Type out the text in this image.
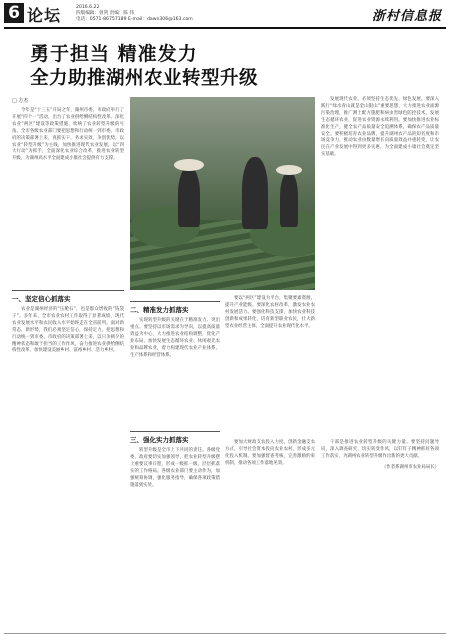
6 论坛	2016.6.22
四版编辑：曾剑 责编：陈 伟
电话：0571-86757189 E-mail：dawn306@163.com	浙村信息报
勇于担当 精准发力
全力助推湖州农业转型升级
□ 方杰
今年是“十三五”开局之年，湖州市委、市政府举行了开展“四个一”活动，出台了农业供给侧结构性改革、深化农业“两区”建设等政策措施，吹响了农业转型升级的号角。全市各级农业部门要把思想和行动统一到市委、市政府的决策部署上来，真抓实干，务求实效，争创优势，以农业“转型升级”为主线，加快推进现代农业发展，以“四大行动”为抓手，全面深化农业综合改革，推进农业转型升级，为湖州高水平全面建成小康社会提供有力支撑。
一、坚定信心抓落实
农业是湖州经济的“压舱石”，也是群众增收的“钱袋子”。多年来，全市农业农村工作取得了显著成绩，现代农业发展水平和农民收入水平始终走在全省前列。面对新常态、新形势，我们必须坚定信心，保持定力，把思想和行动统一到市委、市政府的决策部署上来，以只争朝夕的精神状态和敢于担当的工作作风，奋力推进农业供给侧结构性改革，加快建设美丽乡村、富裕乡村、活力乡村。
发展现代农业，必须坚持生态优先、绿色发展。要深入践行“绿水青山就是金山银山”重要思想，大力推进农业面源污染治理，推广测土配方施肥和病虫害绿色防控技术，发展生态循环农业，促进农业资源永续利用。要加快推进农业标准化生产，健全农产品质量安全追溯体系，确保农产品质量安全。要积极培育农业品牌，提升湖州农产品的知名度和市场竞争力，推动农业由数量增长向质量效益并重转变，让农民在产业发展中得到更多实惠，为全面建成小康社会奠定坚实基础。
二、精准发力抓落实
实现转型升级的关键在于精准发力、突出重点。要坚持以市场需求为导向，以提高质量效益为中心，大力推进农业结构调整，优化产业布局，加快发展生态循环农业、休闲观光农业和品牌农业，着力构建现代农业产业体系、生产体系和经营体系。
要以“两区”建设为平台，集聚要素资源，提升产业能级。要深化农村改革，激发农业农村发展活力。要强化科技支撑，加快农业科技创新和成果转化，培育新型职业农民，壮大新型农业经营主体，全面提升农业现代化水平。
三、强化实力抓落实
转型升级是全市上下共同的责任。各级党委、政府要切实加强领导，把农业转型升级摆上重要议事日程，形成一级抓一级、层层抓落实的工作格局。各级农业部门要主动作为，加强统筹协调，强化服务指导，确保各项政策措施落到实处。
要加大财政支农投入力度，创新金融支农方式，引导社会资本投向农业农村，形成多元化投入机制。要加强督查考核，完善激励约束机制，推动各项工作落地见效。
干部是推进农业转型升级的关键力量。要坚持问题导向，深入调查研究，切实转变作风，以钉钉子精神抓好各项工作落实，为湖州农业转型升级作出新的更大贡献。
（作者系湖州市农业局局长）
